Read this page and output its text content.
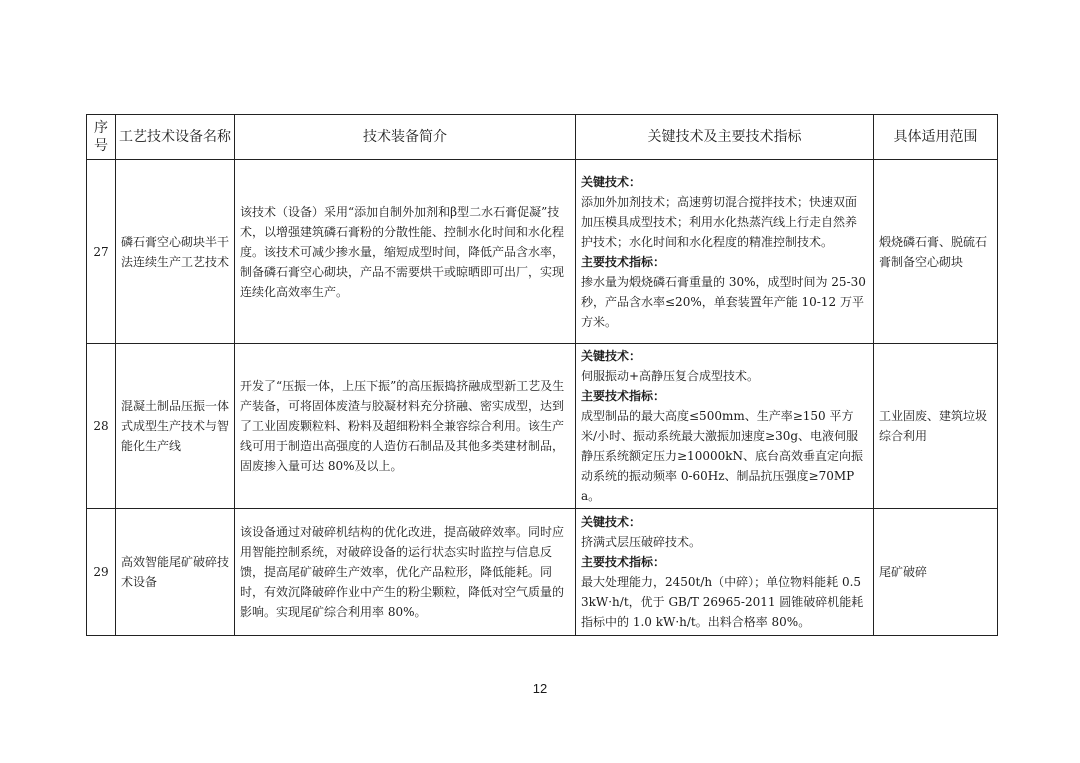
序号	工艺技术设备名称	技术装备简介	关键技术及主要技术指标	具体适用范围
27	磷石膏空心砌块半干法连续生产工艺技术	该技术（设备）采用“添加自制外加剂和β型二水石膏促凝”技术，以增强建筑磷石膏粉的分散性能、控制水化时间和水化程度。该技术可减少掺水量，缩短成型时间，降低产品含水率，制备磷石膏空心砌块，产品不需要烘干或晾晒即可出厂，实现连续化高效率生产。	关键技术：
添加外加剂技术；高速剪切混合搅拌技术；快速双面加压模具成型技术；利用水化热蒸汽线上行走自然养护技术；水化时间和水化程度的精准控制技术。
主要技术指标：
掺水量为煅烧磷石膏重量的 30%，成型时间为 25-30 秒，产品含水率≤20%，单套装置年产能 10-12 万平方米。	煅烧磷石膏、脱硫石膏制备空心砌块
28	混凝土制品压振一体式成型生产技术与智能化生产线	开发了“压振一体，上压下振”的高压振捣挤融成型新工艺及生产装备，可将固体废渣与胶凝材料充分挤融、密实成型，达到了工业固废颗粒料、粉料及超细粉料全兼容综合利用。该生产线可用于制造出高强度的人造仿石制品及其他多类建材制品，固废掺入量可达 80%及以上。	关键技术：
伺服振动+高静压复合成型技术。
主要技术指标：
成型制品的最大高度≤500mm、生产率≥150 平方米/小时、振动系统最大激振加速度≥30g、电液伺服静压系统额定压力≥10000kN、底台高效垂直定向振动系统的振动频率 0-60Hz、制品抗压强度≥70MPa。	工业固废、建筑垃圾综合利用
29	高效智能尾矿破碎技术设备	该设备通过对破碎机结构的优化改进，提高破碎效率。同时应用智能控制系统，对破碎设备的运行状态实时监控与信息反馈，提高尾矿破碎生产效率，优化产品粒形，降低能耗。同时，有效沉降破碎作业中产生的粉尘颗粒，降低对空气质量的影响。实现尾矿综合利用率 80%。	关键技术：
挤满式层压破碎技术。
主要技术指标：
最大处理能力，2450t/h（中碎）；单位物料能耗 0.53kW·h/t，优于 GB/T 26965-2011 圆锥破碎机能耗指标中的 1.0 kW·h/t。出料合格率 80%。	尾矿破碎
12
